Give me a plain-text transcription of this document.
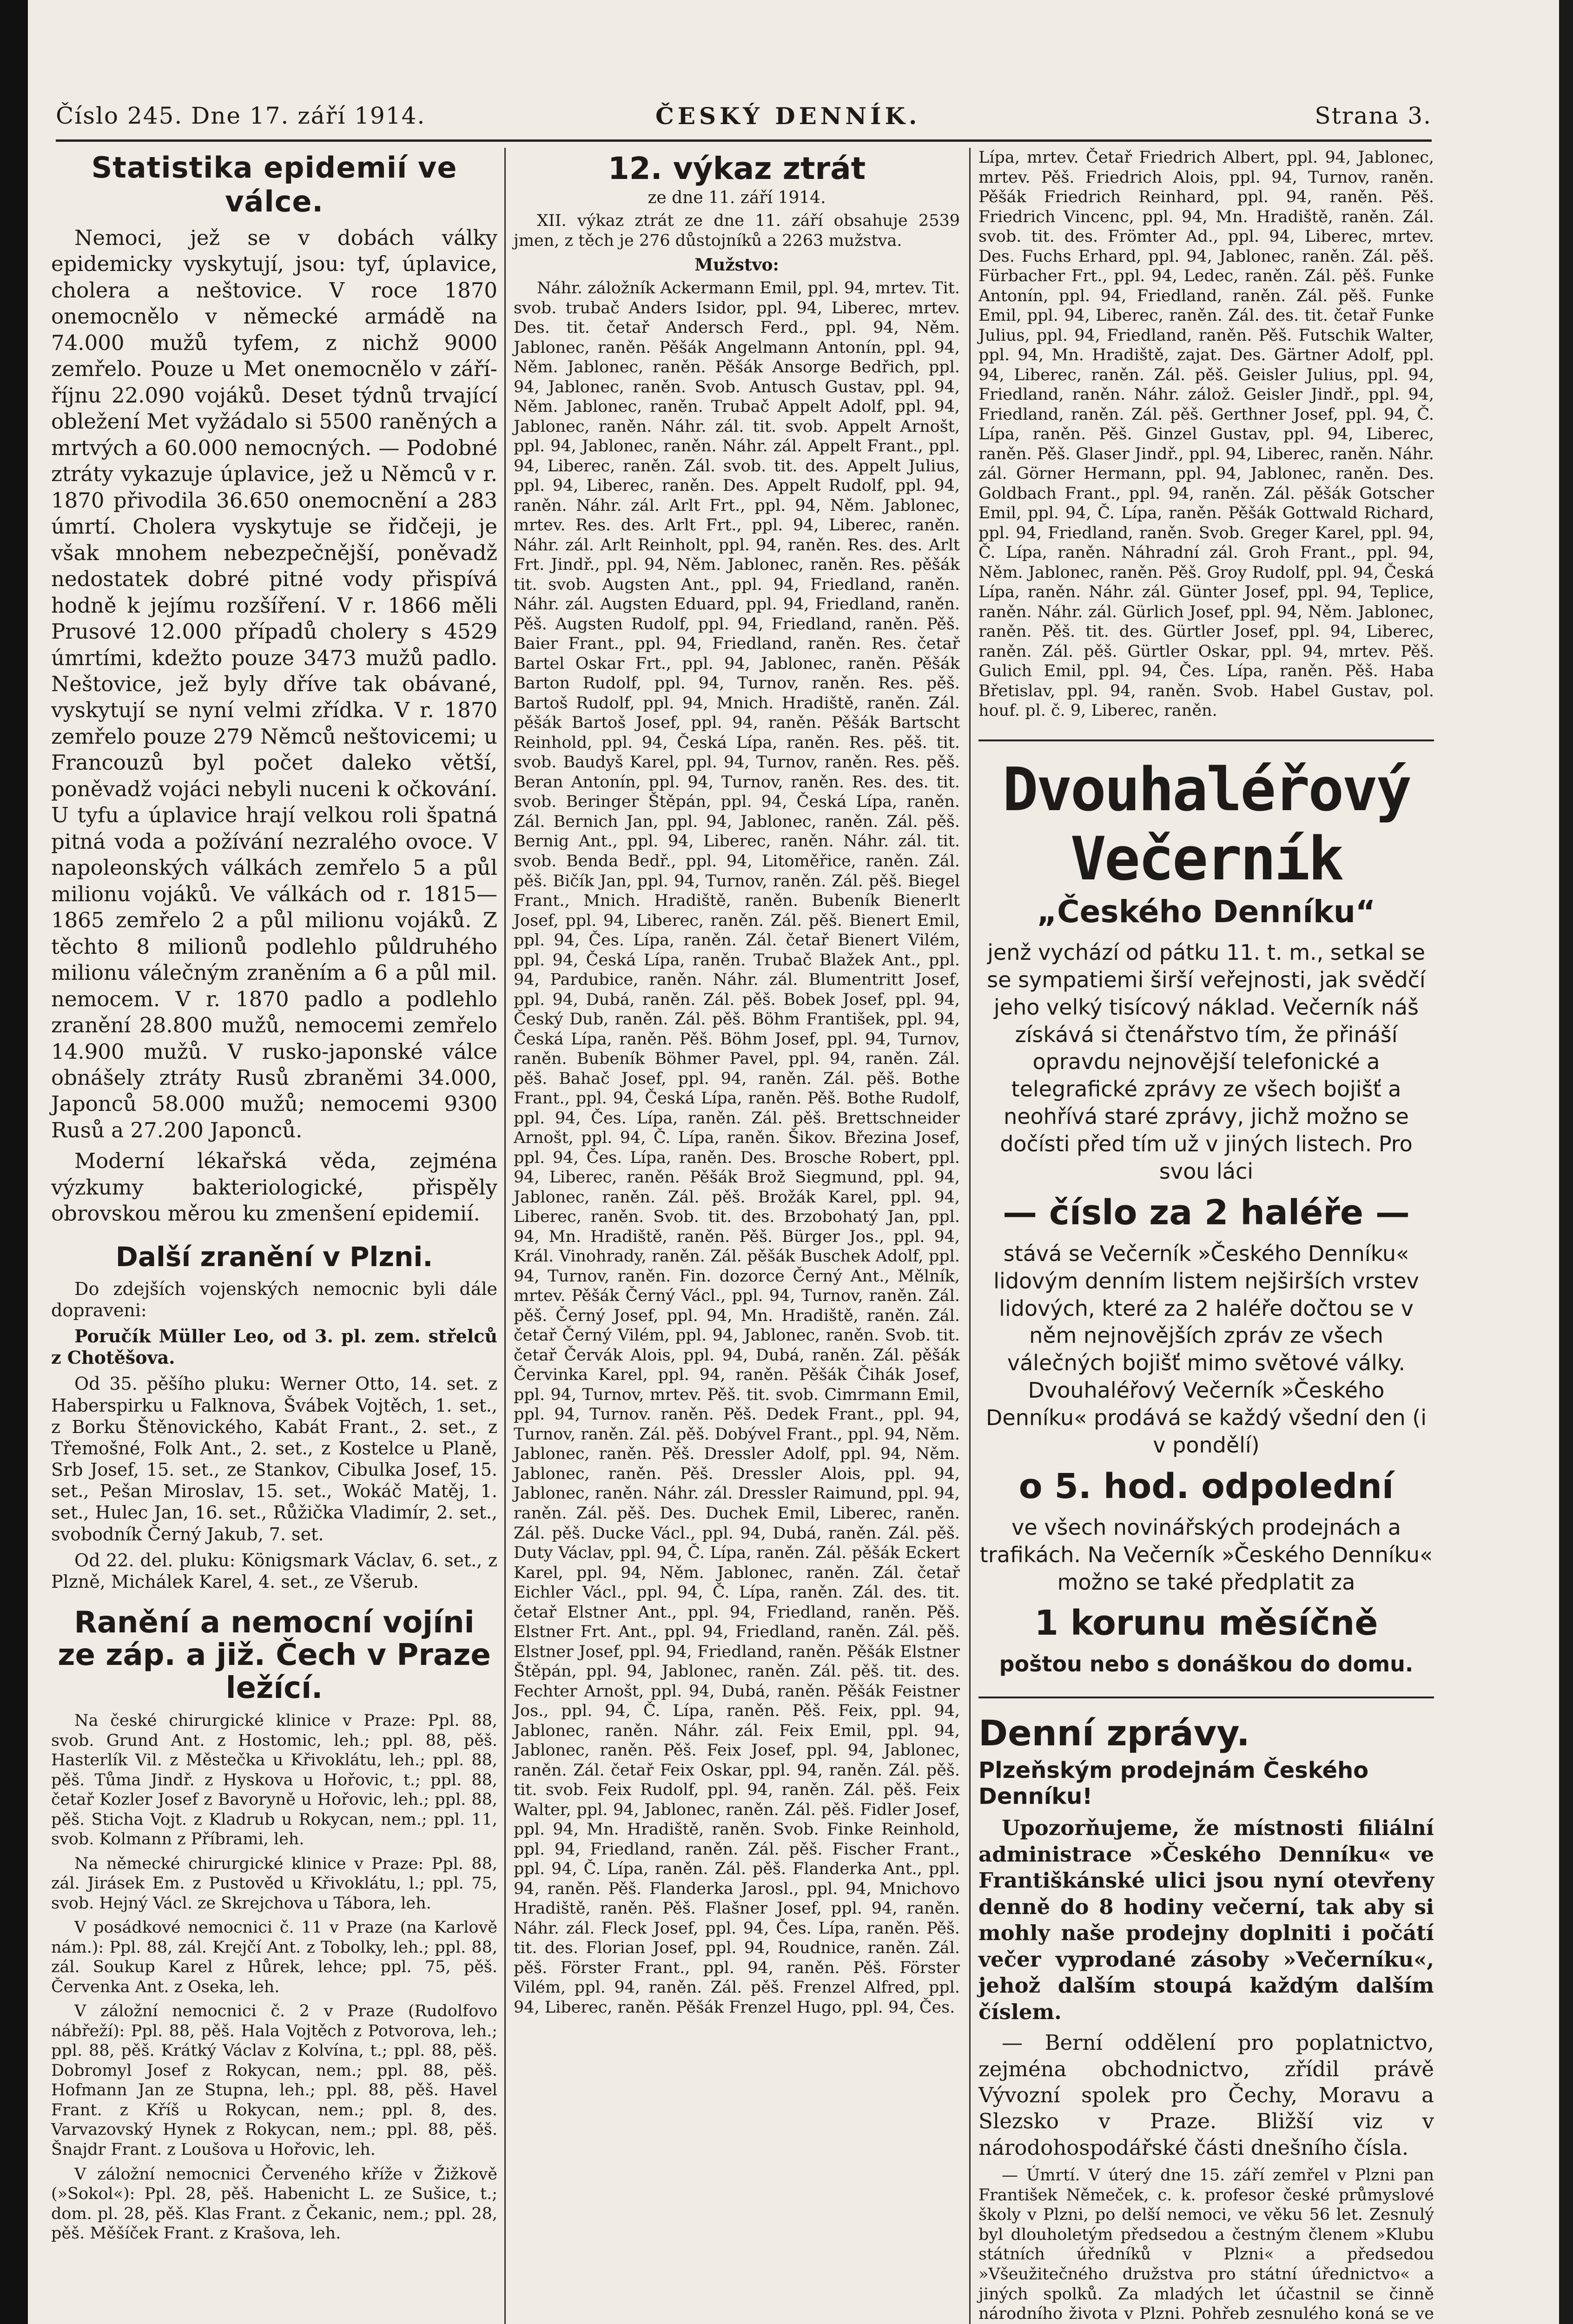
Číslo 245. Dne 17. září 1914.	ČESKÝ DENNÍK.	Strana 3.
Statistika epidemií ve válce.

Nemoci, jež se v dobách války epidemicky vyskytují, jsou: tyf, úplavice, cholera a neštovice. V roce 1870 onemocnělo v německé armádě na 74.000 mužů tyfem, z nichž 9000 zemřelo. Pouze u Met onemocnělo v září-říjnu 22.090 vojáků. Deset týdnů trvající obležení Met vyžádalo si 5500 raněných a mrtvých a 60.000 nemocných. — Podobné ztráty vykazuje úplavice, jež u Němců v r. 1870 přivodila 36.650 onemocnění a 283 úmrtí. Cholera vyskytuje se řidčeji, je však mnohem nebezpečnější, poněvadž nedostatek dobré pitné vody přispívá hodně k jejímu rozšíření. V r. 1866 měli Prusové 12.000 případů cholery s 4529 úmrtími, kdežto pouze 3473 mužů padlo. Neštovice, jež byly dříve tak obávané, vyskytují se nyní velmi zřídka. V r. 1870 zemřelo pouze 279 Němců neštovicemi; u Francouzů byl počet daleko větší, poněvadž vojáci nebyli nuceni k očkování. U tyfu a úplavice hrají velkou roli špatná pitná voda a požívání nezralého ovoce. V napoleonských válkách zemřelo 5 a půl milionu vojáků. Ve válkách od r. 1815—1865 zemřelo 2 a půl milionu vojáků. Z těchto 8 milionů podlehlo půldruhého milionu válečným zraněním a 6 a půl mil. nemocem. V r. 1870 padlo a podlehlo zranění 28.800 mužů, nemocemi zemřelo 14.900 mužů. V rusko-japonské válce obnášely ztráty Rusů zbraněmi 34.000, Japonců 58.000 mužů; nemocemi 9300 Rusů a 27.200 Japonců.

Moderní lékařská věda, zejména výzkumy bakteriologické, přispěly obrovskou měrou ku zmenšení epidemií.

Další zranění v Plzni.

Do zdejších vojenských nemocnic byli dále dopraveni:

Poručík Müller Leo, od 3. pl. zem. střelců z Chotěšova.

Od 35. pěšího pluku: Werner Otto, 14. set. z Haberspirku u Falknova, Švábek Vojtěch, 1. set., z Borku Štěnovického, Kabát Frant., 2. set., z Třemošné, Folk Ant., 2. set., z Kostelce u Planě, Srb Josef, 15. set., ze Stankov, Cibulka Josef, 15. set., Pešan Miroslav, 15. set., Wokáč Matěj, 1. set., Hulec Jan, 16. set., Růžička Vladimír, 2. set., svobodník Černý Jakub, 7. set.

Od 22. del. pluku: Königsmark Václav, 6. set., z Plzně, Michálek Karel, 4. set., ze Všerub.

Ranění a nemocní vojíni ze záp. a již. Čech v Praze ležící.

Na české chirurgické klinice v Praze: Ppl. 88, svob. Grund Ant. z Hostomic, leh.; ppl. 88, pěš. Hasterlík Vil. z Městečka u Křivoklátu, leh.; ppl. 88, pěš. Tůma Jindř. z Hyskova u Hořovic, t.; ppl. 88, četař Kozler Josef z Bavoryně u Hořovic, leh.; ppl. 88, pěš. Sticha Vojt. z Kladrub u Rokycan, nem.; ppl. 11, svob. Kolmann z Příbrami, leh.

Na německé chirurgické klinice v Praze: Ppl. 88, zál. Jirásek Em. z Pustověd u Křivoklátu, l.; ppl. 75, svob. Hejný Václ. ze Skrejchova u Tábora, leh.

V posádkové nemocnici č. 11 v Praze (na Karlově nám.): Ppl. 88, zál. Krejčí Ant. z Tobolky, leh.; ppl. 88, zál. Soukup Karel z Hůrek, lehce; ppl. 75, pěš. Červenka Ant. z Oseka, leh.

V záložní nemocnici č. 2 v Praze (Rudolfovo nábřeží): Ppl. 88, pěš. Hala Vojtěch z Potvorova, leh.; ppl. 88, pěš. Krátký Václav z Kolvína, t.; ppl. 88, pěš. Dobromyl Josef z Rokycan, nem.; ppl. 88, pěš. Hofmann Jan ze Stupna, leh.; ppl. 88, pěš. Havel Frant. z Kříš u Rokycan, nem.; ppl. 8, des. Varvazovský Hynek z Rokycan, nem.; ppl. 88, pěš. Šnajdr Frant. z Loušova u Hořovic, leh.

V záložní nemocnici Červeného kříže v Žižkově (»Sokol«): Ppl. 28, pěš. Habenicht L. ze Sušice, t.; dom. pl. 28, pěš. Klas Frant. z Čekanic, nem.; ppl. 28, pěš. Měšíček Frant. z Krašova, leh.

12. výkaz ztrát
ze dne 11. září 1914.

XII. výkaz ztrát ze dne 11. září obsahuje 2539 jmen, z těch je 276 důstojníků a 2263 mužstva.

Mužstvo:

Náhr. záložník Ackermann Emil, ppl. 94, mrtev. Tit. svob. trubač Anders Isidor, ppl. 94, Liberec, mrtev. Des. tit. četař Andersch Ferd., ppl. 94, Něm. Jablonec, raněn. Pěšák Angelmann Antonín, ppl. 94, Něm. Jablonec, raněn. Pěšák Ansorge Bedřich, ppl. 94, Jablonec, raněn. Svob. Antusch Gustav, ppl. 94, Něm. Jablonec, raněn. Trubač Appelt Adolf, ppl. 94, Jablonec, raněn. Náhr. zál. tit. svob. Appelt Arnošt, ppl. 94, Jablonec, raněn. Náhr. zál. Appelt Frant., ppl. 94, Liberec, raněn. Zál. svob. tit. des. Appelt Julius, ppl. 94, Liberec, raněn. Des. Appelt Rudolf, ppl. 94, raněn. Náhr. zál. Arlt Frt., ppl. 94, Něm. Jablonec, mrtev. Res. des. Arlt Frt., ppl. 94, Liberec, raněn. Náhr. zál. Arlt Reinholt, ppl. 94, raněn. Res. des. Arlt Frt. Jindř., ppl. 94, Něm. Jablonec, raněn. Res. pěšák tit. svob. Augsten Ant., ppl. 94, Friedland, raněn. Náhr. zál. Augsten Eduard, ppl. 94, Friedland, raněn. Pěš. Augsten Rudolf, ppl. 94, Friedland, raněn. Pěš. Baier Frant., ppl. 94, Friedland, raněn. Res. četař Bartel Oskar Frt., ppl. 94, Jablonec, raněn. Pěšák Barton Rudolf, ppl. 94, Turnov, raněn. Res. pěš. Bartoš Rudolf, ppl. 94, Mnich. Hradiště, raněn. Zál. pěšák Bartoš Josef, ppl. 94, raněn. Pěšák Bartscht Reinhold, ppl. 94, Česká Lípa, raněn. Res. pěš. tit. svob. Baudyš Karel, ppl. 94, Turnov, raněn. Res. pěš. Beran Antonín, ppl. 94, Turnov, raněn. Res. des. tit. svob. Beringer Štěpán, ppl. 94, Česká Lípa, raněn. Zál. Bernich Jan, ppl. 94, Jablonec, raněn. Zál. pěš. Bernig Ant., ppl. 94, Liberec, raněn. Náhr. zál. tit. svob. Benda Bedř., ppl. 94, Litoměřice, raněn. Zál. pěš. Bičík Jan, ppl. 94, Turnov, raněn. Zál. pěš. Biegel Frant., Mnich. Hradiště, raněn. Bubeník Bienerlt Josef, ppl. 94, Liberec, raněn. Zál. pěš. Bienert Emil, ppl. 94, Čes. Lípa, raněn. Zál. četař Bienert Vilém, ppl. 94, Česká Lípa, raněn. Trubač Blažek Ant., ppl. 94, Pardubice, raněn. Náhr. zál. Blumentritt Josef, ppl. 94, Dubá, raněn. Zál. pěš. Bobek Josef, ppl. 94, Český Dub, raněn. Zál. pěš. Böhm František, ppl. 94, Česká Lípa, raněn. Pěš. Böhm Josef, ppl. 94, Turnov, raněn. Bubeník Böhmer Pavel, ppl. 94, raněn. Zál. pěš. Bahač Josef, ppl. 94, raněn. Zál. pěš. Bothe Frant., ppl. 94, Česká Lípa, raněn. Pěš. Bothe Rudolf, ppl. 94, Čes. Lípa, raněn. Zál. pěš. Brettschneider Arnošt, ppl. 94, Č. Lípa, raněn. Šikov. Březina Josef, ppl. 94, Čes. Lípa, raněn. Des. Brosche Robert, ppl. 94, Liberec, raněn. Pěšák Brož Siegmund, ppl. 94, Jablonec, raněn. Zál. pěš. Brožák Karel, ppl. 94, Liberec, raněn. Svob. tit. des. Brzobohatý Jan, ppl. 94, Mn. Hradiště, raněn. Pěš. Bürger Jos., ppl. 94, Král. Vinohrady, raněn. Zál. pěšák Buschek Adolf, ppl. 94, Turnov, raněn. Fin. dozorce Černý Ant., Mělník, mrtev. Pěšák Černý Václ., ppl. 94, Turnov, raněn. Zál. pěš. Černý Josef, ppl. 94, Mn. Hradiště, raněn. Zál. četař Černý Vilém, ppl. 94, Jablonec, raněn. Svob. tit. četař Červák Alois, ppl. 94, Dubá, raněn. Zál. pěšák Červinka Karel, ppl. 94, raněn. Pěšák Čihák Josef, ppl. 94, Turnov, mrtev. Pěš. tit. svob. Cimrmann Emil, ppl. 94, Turnov. raněn. Pěš. Dedek Frant., ppl. 94, Turnov, raněn. Zál. pěš. Dobývel Frant., ppl. 94, Něm. Jablonec, raněn. Pěš. Dressler Adolf, ppl. 94, Něm. Jablonec, raněn. Pěš. Dressler Alois, ppl. 94, Jablonec, raněn. Náhr. zál. Dressler Raimund, ppl. 94, raněn. Zál. pěš. Des. Duchek Emil, Liberec, raněn. Zál. pěš. Ducke Václ., ppl. 94, Dubá, raněn. Zál. pěš. Duty Václav, ppl. 94, Č. Lípa, raněn. Zál. pěšák Eckert Karel, ppl. 94, Něm. Jablonec, raněn. Zál. četař Eichler Václ., ppl. 94, Č. Lípa, raněn. Zál. des. tit. četař Elstner Ant., ppl. 94, Friedland, raněn. Pěš. Elstner Frt. Ant., ppl. 94, Friedland, raněn. Zál. pěš. Elstner Josef, ppl. 94, Friedland, raněn. Pěšák Elstner Štěpán, ppl. 94, Jablonec, raněn. Zál. pěš. tit. des. Fechter Arnošt, ppl. 94, Dubá, raněn. Pěšák Feistner Jos., ppl. 94, Č. Lípa, raněn. Pěš. Feix, ppl. 94, Jablonec, raněn. Náhr. zál. Feix Emil, ppl. 94, Jablonec, raněn. Pěš. Feix Josef, ppl. 94, Jablonec, raněn. Zál. četař Feix Oskar, ppl. 94, raněn. Zál. pěš. tit. svob. Feix Rudolf, ppl. 94, raněn. Zál. pěš. Feix Walter, ppl. 94, Jablonec, raněn. Zál. pěš. Fidler Josef, ppl. 94, Mn. Hradiště, raněn. Svob. Finke Reinhold, ppl. 94, Friedland, raněn. Zál. pěš. Fischer Frant., ppl. 94, Č. Lípa, raněn. Zál. pěš. Flanderka Ant., ppl. 94, raněn. Pěš. Flanderka Jarosl., ppl. 94, Mnichovo Hradiště, raněn. Pěš. Flašner Josef, ppl. 94, raněn. Náhr. zál. Fleck Josef, ppl. 94, Čes. Lípa, raněn. Pěš. tit. des. Florian Josef, ppl. 94, Roudnice, raněn. Zál. pěš. Förster Frant., ppl. 94, raněn. Pěš. Förster Vilém, ppl. 94, raněn. Zál. pěš. Frenzel Alfred, ppl. 94, Liberec, raněn. Pěšák Frenzel Hugo, ppl. 94, Čes.

Lípa, mrtev. Četař Friedrich Albert, ppl. 94, Jablonec, mrtev. Pěš. Friedrich Alois, ppl. 94, Turnov, raněn. Pěšák Friedrich Reinhard, ppl. 94, raněn. Pěš. Friedrich Vincenc, ppl. 94, Mn. Hradiště, raněn. Zál. svob. tit. des. Frömter Ad., ppl. 94, Liberec, mrtev. Des. Fuchs Erhard, ppl. 94, Jablonec, raněn. Zál. pěš. Fürbacher Frt., ppl. 94, Ledec, raněn. Zál. pěš. Funke Antonín, ppl. 94, Friedland, raněn. Zál. pěš. Funke Emil, ppl. 94, Liberec, raněn. Zál. des. tit. četař Funke Julius, ppl. 94, Friedland, raněn. Pěš. Futschik Walter, ppl. 94, Mn. Hradiště, zajat. Des. Gärtner Adolf, ppl. 94, Liberec, raněn. Zál. pěš. Geisler Julius, ppl. 94, Friedland, raněn. Náhr. zálož. Geisler Jindř., ppl. 94, Friedland, raněn. Zál. pěš. Gerthner Josef, ppl. 94, Č. Lípa, raněn. Pěš. Ginzel Gustav, ppl. 94, Liberec, raněn. Pěš. Glaser Jindř., ppl. 94, Liberec, raněn. Náhr. zál. Görner Hermann, ppl. 94, Jablonec, raněn. Des. Goldbach Frant., ppl. 94, raněn. Zál. pěšák Gotscher Emil, ppl. 94, Č. Lípa, raněn. Pěšák Gottwald Richard, ppl. 94, Friedland, raněn. Svob. Greger Karel, ppl. 94, Č. Lípa, raněn. Náhradní zál. Groh Frant., ppl. 94, Něm. Jablonec, raněn. Pěš. Groy Rudolf, ppl. 94, Česká Lípa, raněn. Náhr. zál. Günter Josef, ppl. 94, Teplice, raněn. Náhr. zál. Gürlich Josef, ppl. 94, Něm. Jablonec, raněn. Pěš. tit. des. Gürtler Josef, ppl. 94, Liberec, raněn. Zál. pěš. Gürtler Oskar, ppl. 94, mrtev. Pěš. Gulich Emil, ppl. 94, Čes. Lípa, raněn. Pěš. Haba Břetislav, ppl. 94, raněn. Svob. Habel Gustav, pol. houf. pl. č. 9, Liberec, raněn.

Dvouhaléřový Večerník
„Českého Denníku“
jenž vychází od pátku 11. t. m., setkal se se sympatiemi širší veřejnosti, jak svědčí jeho velký tisícový náklad. Večerník náš získává si čtenářstvo tím, že přináší opravdu nejnovější telefonické a telegrafické zprávy ze všech bojišť a neohřívá staré zprávy, jichž možno se dočísti před tím už v jiných listech. Pro svou láci
— číslo za 2 haléře —
stává se Večerník »Českého Denníku« lidovým denním listem nejširších vrstev lidových, které za 2 haléře dočtou se v něm nejnovějších zpráv ze všech válečných bojišť mimo světové války. Dvouhaléřový Večerník »Českého Denníku« prodává se každý všední den (i v pondělí)
o 5. hod. odpolední
ve všech novinářských prodejnách a trafikách. Na Večerník »Českého Denníku« možno se také předplatit za
1 korunu měsíčně
poštou nebo s donáškou do domu.
Denní zprávy.
Plzeňským prodejnám Českého Denníku!

Upozorňujeme, že místnosti filiální administrace »Českého Denníku« ve Františkánské ulici jsou nyní otevřeny denně do 8 hodiny večerní, tak aby si mohly naše prodejny doplniti i počátí večer vyprodané zásoby »Večerníku«, jehož dalším stoupá každým dalším číslem.

— Berní oddělení pro poplatnictvo, zejména obchodnictvo, zřídil právě Vývozní spolek pro Čechy, Moravu a Slezsko v Praze. Bližší viz v národohospodářské části dnešního čísla.

— Úmrtí. V úterý dne 15. září zemřel v Plzni pan František Němeček, c. k. profesor české průmyslové školy v Plzni, po delší nemoci, ve věku 56 let. Zesnulý byl dlouholetým předsedou a čestným členem »Klubu státních úředníků v Plzni« a předsedou »Všeužitečného družstva pro státní úřednictvo« a jiných spolků. Za mladých let účastnil se činně národního života v Plzni. Pohřeb zesnulého koná se ve
